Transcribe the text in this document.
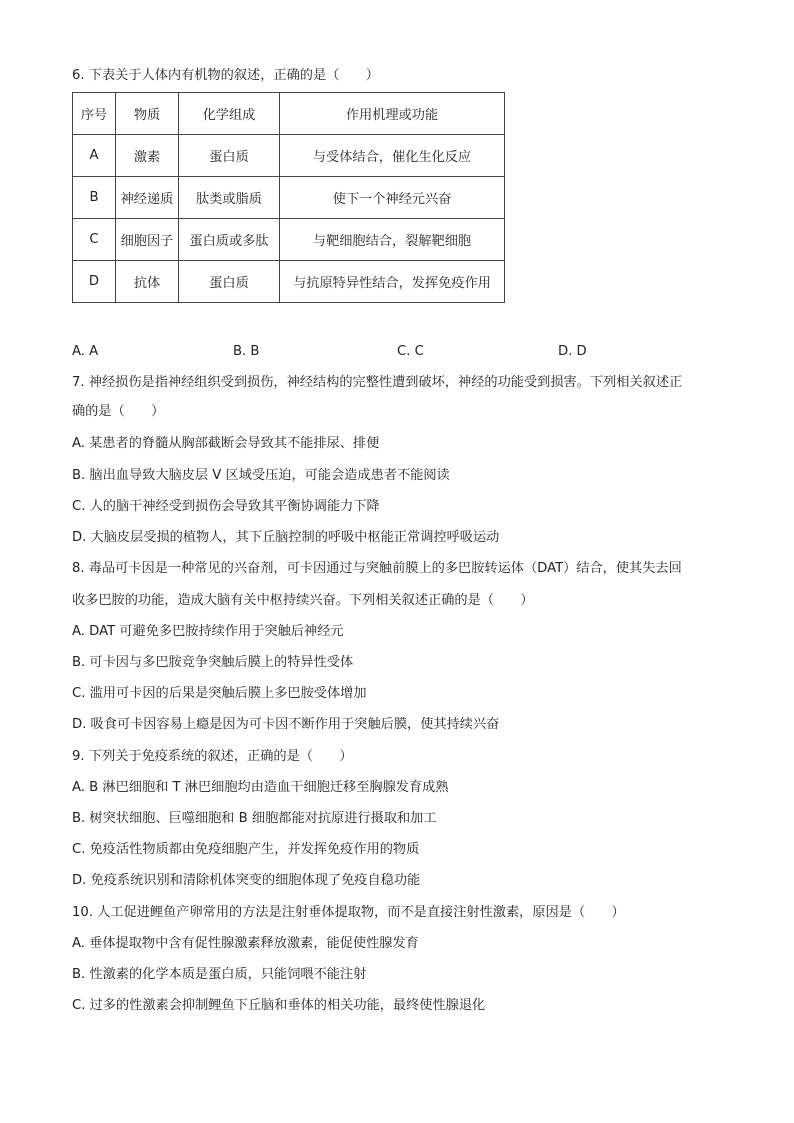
6. 下表关于人体内有机物的叙述，正确的是（　　）
序号	物质	化学组成	作用机理或功能
A	激素	蛋白质	与受体结合，催化生化反应
B	神经递质	肽类或脂质	使下一个神经元兴奋
C	细胞因子	蛋白质或多肽	与靶细胞结合，裂解靶细胞
D	抗体	蛋白质	与抗原特异性结合，发挥免疫作用
A. A	B. B	C. C	D. D
7. 神经损伤是指神经组织受到损伤，神经结构的完整性遭到破坏，神经的功能受到损害。下列相关叙述正
确的是（　　）
A. 某患者的脊髓从胸部截断会导致其不能排尿、排便
B. 脑出血导致大脑皮层 V 区域受压迫，可能会造成患者不能阅读
C. 人的脑干神经受到损伤会导致其平衡协调能力下降
D. 大脑皮层受损的植物人，其下丘脑控制的呼吸中枢能正常调控呼吸运动
8. 毒品可卡因是一种常见的兴奋剂，可卡因通过与突触前膜上的多巴胺转运体（DAT）结合，使其失去回
收多巴胺的功能，造成大脑有关中枢持续兴奋。下列相关叙述正确的是（　　）
A. DAT 可避免多巴胺持续作用于突触后神经元
B. 可卡因与多巴胺竞争突触后膜上的特异性受体
C. 滥用可卡因的后果是突触后膜上多巴胺受体增加
D. 吸食可卡因容易上瘾是因为可卡因不断作用于突触后膜，使其持续兴奋
9. 下列关于免疫系统的叙述，正确的是（　　）
A. B 淋巴细胞和 T 淋巴细胞均由造血干细胞迁移至胸腺发育成熟
B. 树突状细胞、巨噬细胞和 B 细胞都能对抗原进行摄取和加工
C. 免疫活性物质都由免疫细胞产生，并发挥免疫作用的物质
D. 免疫系统识别和清除机体突变的细胞体现了免疫自稳功能
10. 人工促进鲤鱼产卵常用的方法是注射垂体提取物，而不是直接注射性激素，原因是（　　）
A. 垂体提取物中含有促性腺激素释放激素，能促使性腺发育
B. 性激素的化学本质是蛋白质，只能饲喂不能注射
C. 过多的性激素会抑制鲤鱼下丘脑和垂体的相关功能，最终使性腺退化
